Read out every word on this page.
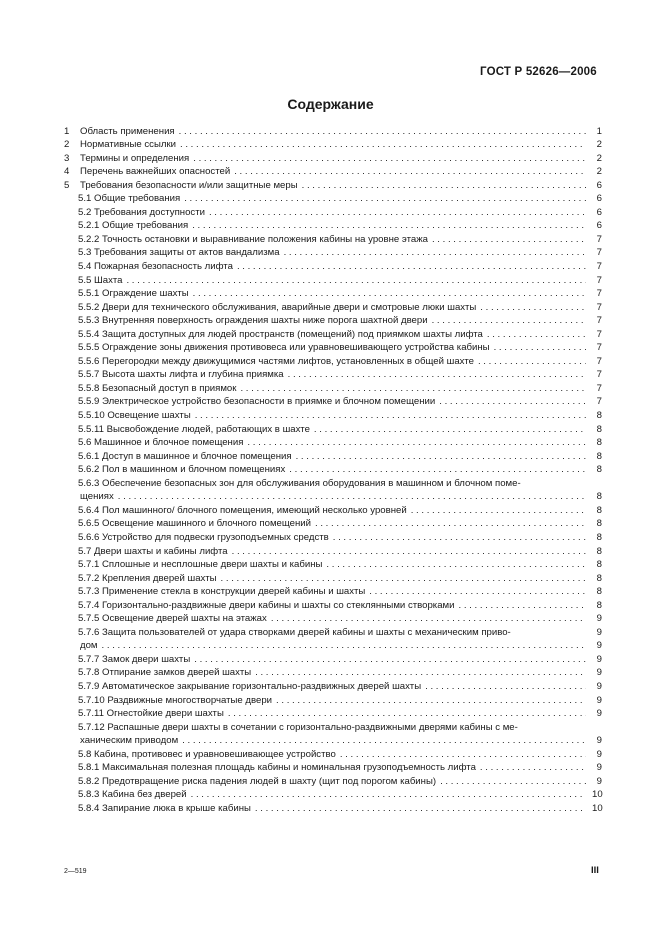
ГОСТ Р 52626—2006
Содержание
1	Область применения . . .	1
2	Нормативные ссылки . . .	2
3	Термины и определения . . .	2
4	Перечень важнейших опасностей . . .	2
5	Требования безопасности и/или защитные меры . . .	6
5.1 Общие требования . . .	6
5.2 Требования доступности . . .	6
5.2.1 Общие требования . . .	6
5.2.2 Точность остановки и выравнивание положения кабины на уровне этажа . . .	7
5.3 Требования защиты от актов вандализма . . .	7
5.4 Пожарная безопасность лифта . . .	7
5.5 Шахта . . .	7
5.5.1 Ограждение шахты . . .	7
5.5.2 Двери для технического обслуживания, аварийные двери и смотровые люки шахты . . .	7
5.5.3 Внутренняя поверхность ограждения шахты ниже порога шахтной двери . . .	7
5.5.4 Защита доступных для людей пространств (помещений) под приямком шахты лифта . . .	7
5.5.5 Ограждение зоны движения противовеса или уравновешивающего устройства кабины . . .	7
5.5.6 Перегородки между движущимися частями лифтов, установленных в общей шахте . . .	7
5.5.7 Высота шахты лифта и глубина приямка . . .	7
5.5.8 Безопасный доступ в приямок . . .	7
5.5.9 Электрическое устройство безопасности в приямке и блочном помещении . . .	7
5.5.10 Освещение шахты . . .	8
5.5.11 Высвобождение людей, работающих в шахте . . .	8
5.6 Машинное и блочное помещения . . .	8
5.6.1 Доступ в машинное и блочное помещения . . .	8
5.6.2 Пол в машинном и блочном помещениях . . .	8
5.6.3 Обеспечение безопасных зон для обслуживания оборудования в машинном и блочном поме-
щениях . . .	8
5.6.4 Пол машинного/ блочного помещения, имеющий несколько уровней . . .	8
5.6.5 Освещение машинного и блочного помещений . . .	8
5.6.6 Устройство для подвески грузоподъемных средств . . .	8
5.7 Двери шахты и кабины лифта . . .	8
5.7.1 Сплошные и несплошные двери шахты и кабины . . .	8
5.7.2 Крепления дверей шахты . . .	8
5.7.3 Применение стекла в конструкции дверей кабины и шахты . . .	8
5.7.4 Горизонтально-раздвижные двери кабины и шахты со стеклянными створками . . .	8
5.7.5 Освещение дверей шахты на этажах . . .	9
5.7.6 Защита пользователей от удара створками дверей кабины и шахты с механическим приво-	9
дом . . .	9
5.7.7 Замок двери шахты . . .	9
5.7.8 Отпирание замков дверей шахты . . .	9
5.7.9 Автоматическое закрывание горизонтально-раздвижных дверей шахты . . .	9
5.7.10 Раздвижные многостворчатые двери . . .	9
5.7.11 Огнестойкие двери шахты . . .	9
5.7.12 Распашные двери шахты в сочетании с горизонтально-раздвижными дверями кабины с ме-
ханическим приводом . . .	9
5.8 Кабина, противовес и уравновешивающее устройство . . .	9
5.8.1 Максимальная полезная площадь кабины и номинальная грузоподъемность лифта . . .	9
5.8.2 Предотвращение риска падения людей в шахту (щит под порогом кабины) . . .	9
5.8.3 Кабина без дверей . . .	10
5.8.4 Запирание люка в крыше кабины . . .	10
2—519	III
